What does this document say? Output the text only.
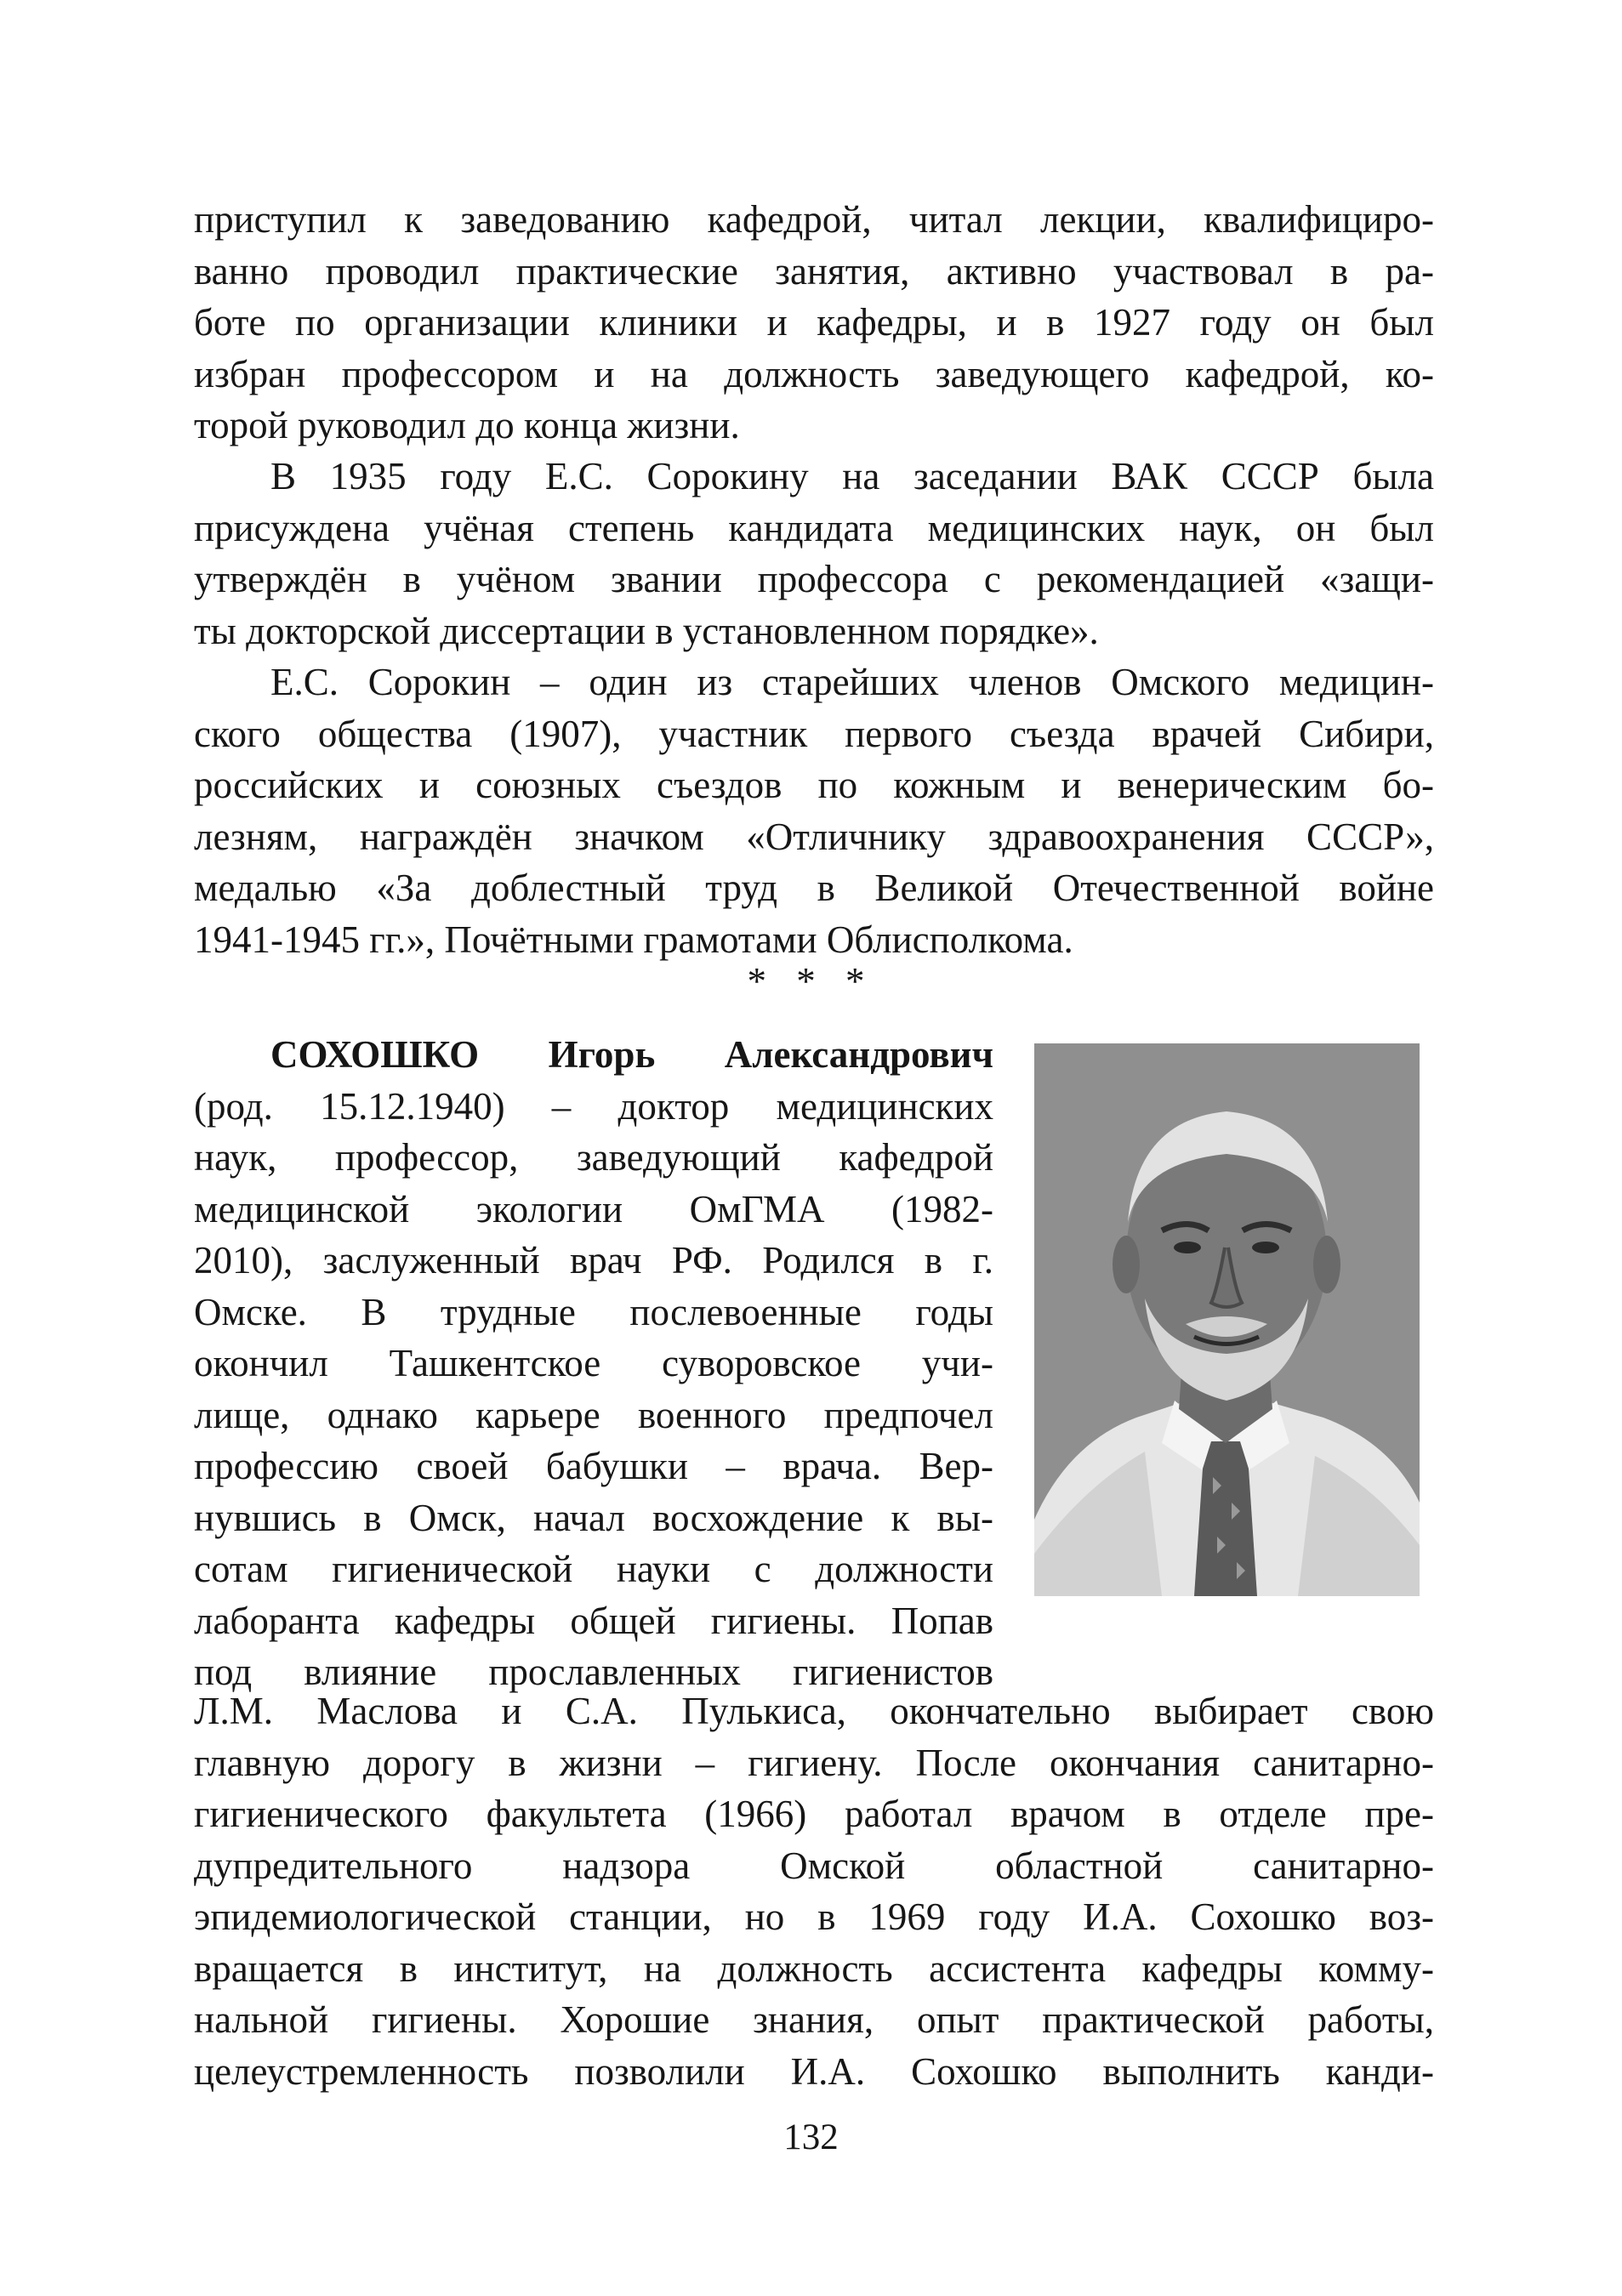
приступил к заведованию кафедрой, читал лекции, квалифициро-
ванно проводил практические занятия, активно участвовал в ра-
боте по организации клиники и кафедры, и в 1927 году он был
избран профессором и на должность заведующего кафедрой, ко-
торой руководил до конца жизни.
В 1935 году Е.С. Сорокину на заседании ВАК СССР была
присуждена учёная степень кандидата медицинских наук, он был
утверждён в учёном звании профессора с рекомендацией «защи-
ты докторской диссертации в установленном порядке».
Е.С. Сорокин – один из старейших членов Омского медицин-
ского общества (1907), участник первого съезда врачей Сибири,
российских и союзных съездов по кожным и венерическим бо-
лезням, награждён значком «Отличнику здравоохранения СССР»,
медалью «За доблестный труд в Великой Отечественной войне
1941-1945 гг.», Почётными грамотами Облисполкома.
* * *
СОХОШКО Игорь Александрович
(род. 15.12.1940) – доктор медицинских
наук, профессор, заведующий кафедрой
медицинской экологии ОмГМА (1982-
2010), заслуженный врач РФ. Родился в г.
Омске. В трудные послевоенные годы
окончил Ташкентское суворовское учи-
лище, однако карьере военного предпочел
профессию своей бабушки – врача. Вер-
нувшись в Омск, начал восхождение к вы-
сотам гигиенической науки с должности
лаборанта кафедры общей гигиены. Попав
под влияние прославленных гигиенистов
Л.М. Маслова и С.А. Пулькиса, окончательно выбирает свою
главную дорогу в жизни – гигиену. После окончания санитарно-
гигиенического факультета (1966) работал врачом в отделе пре-
дупредительного надзора Омской областной санитарно-
эпидемиологической станции, но в 1969 году И.А. Сохошко воз-
вращается в институт, на должность ассистента кафедры комму-
нальной гигиены. Хорошие знания, опыт практической работы,
целеустремленность позволили И.А. Сохошко выполнить канди-
132
